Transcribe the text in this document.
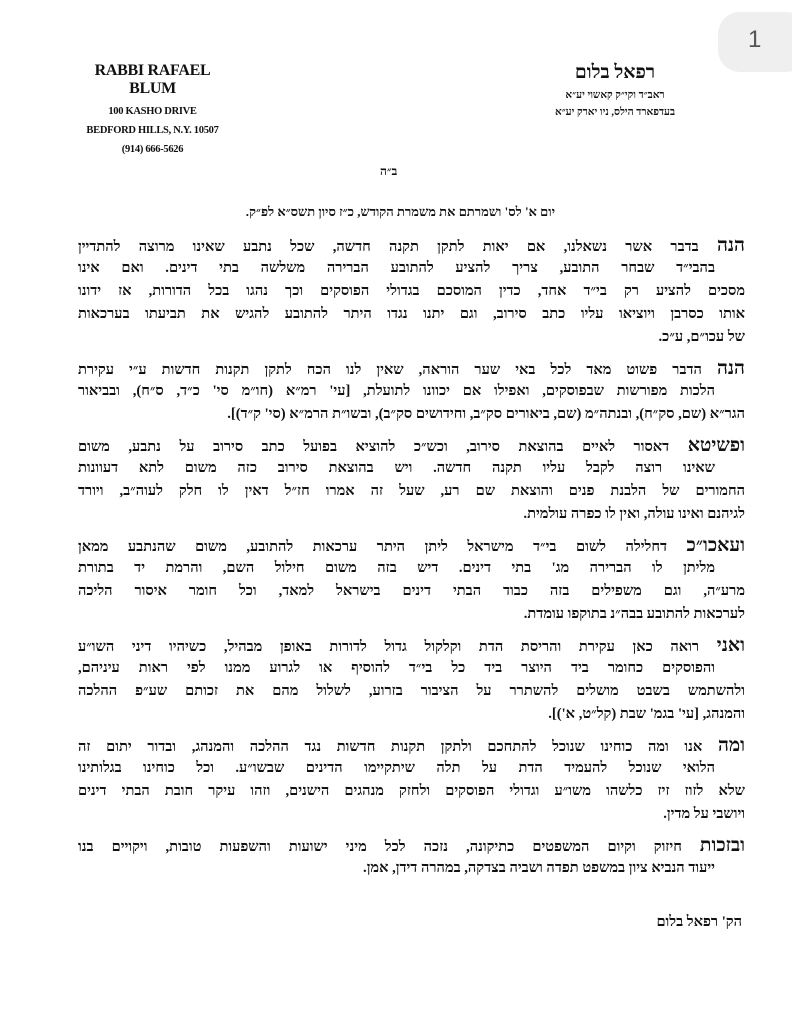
1
RABBI RAFAEL BLUM
100 KASHO DRIVE
BEDFORD HILLS, N.Y. 10507
(914) 666-5626
רפאל בלום
ראב״ד וקי״ק קאשוי יע״א
בעדפארד הילס, ניו יארק יע״א
ב״ה
יום א' לס' ושמרתם את משמרת הקודש, כ״ז סיון תשס״א לפ״ק.
הנה בדבר אשר נשאלנו, אם יאות לתקן תקנה חדשה, שכל נתבע שאינו מרוצה להתדיין
בהבי״ד שבחר התובע, צריך להציע להתובע הברירה משלשה בתי דינים. ואם אינו
מסכים להציע רק בי״ד אחד, כדין המוסכם בגדולי הפוסקים וכך נהגו בכל הדורות, אז ידונו
אותו כסרבן ויוציאו עליו כתב סירוב, וגם יתנו נגדו היתר להתובע להגיש את תביעתו בערכאות
של עכו״ם, ע״כ.
הנה הדבר פשוט מאד לכל באי שער הוראה, שאין לנו הכח לתקן תקנות חדשות ע״י עקירת
הלכות מפורשות שבפוסקים, ואפילו אם יכוונו לתועלת, [עי' רמ״א (חו״מ סי' כ״ד, ס״ח), ובביאור
הגר״א (שם, סק״ח), ובנתה״מ (שם, ביאורים סק״ב, וחידושים סק״ב), ובשו״ת הרמ״א (סי' ק״ד)].
ופשיטא דאסור לאיים בהוצאת סירוב, וכש״כ להוציא בפועל כתב סירוב על נתבע, משום
שאינו רוצה לקבל עליו תקנה חדשה. ויש בהוצאת סירוב כזה משום לתא דעוונות
החמורים של הלבנת פנים והוצאת שם רע, שעל זה אמרו חז״ל דאין לו חלק לעוה״ב, ויורד
לגיהנם ואינו עולה, ואין לו כפרה עולמית.
ועאכו״כ דחלילה לשום בי״ד מישראל ליתן היתר ערכאות להתובע, משום שהנתבע ממאן
מליתן לו הברירה מג' בתי דינים. דיש בזה משום חילול השם, והרמת יד בתורת
מרע״ה, וגם משפילים בזה כבוד הבתי דינים בישראל למאד, וכל חומר איסור הליכה
לערכאות להתובע בבה״נ בתוקפו עומדת.
ואני רואה כאן עקירת והריסת הדת וקלקול גדול לדורות באופן מבהיל, כשיהיו דיני השו״ע
והפוסקים כחומר ביד היוצר ביד כל בי״ד להוסיף או לגרוע ממנו לפי ראות עיניהם,
ולהשתמש בשבט מושלים להשתרר על הציבור בזרוע, לשלול מהם את זכותם שע״פ ההלכה
והמנהג, [עי' בגמ' שבת (קל״ט, א')].
ומה אנו ומה כוחינו שנוכל להתחכם ולתקן תקנות חדשות נגד ההלכה והמנהג, ובדור יתום זה
הלואי שנוכל להעמיד הדת על תלה שיתקיימו הדינים שבשו״ע. וכל כוחינו בגלותינו
שלא לזוז זיז כלשהו משו״ע וגדולי הפוסקים ולחזק מנהגים הישנים, וזהו עיקר חובת הבתי דינים
ויושבי על מדין.
ובזכות חיזוק וקיום המשפטים כתיקונה, נזכה לכל מיני ישועות והשפעות טובות, ויקויים בנו
ייעוד הנביא ציון במשפט תפדה ושביה בצדקה, במהרה דידן, אמן.
הק' רפאל בלום
